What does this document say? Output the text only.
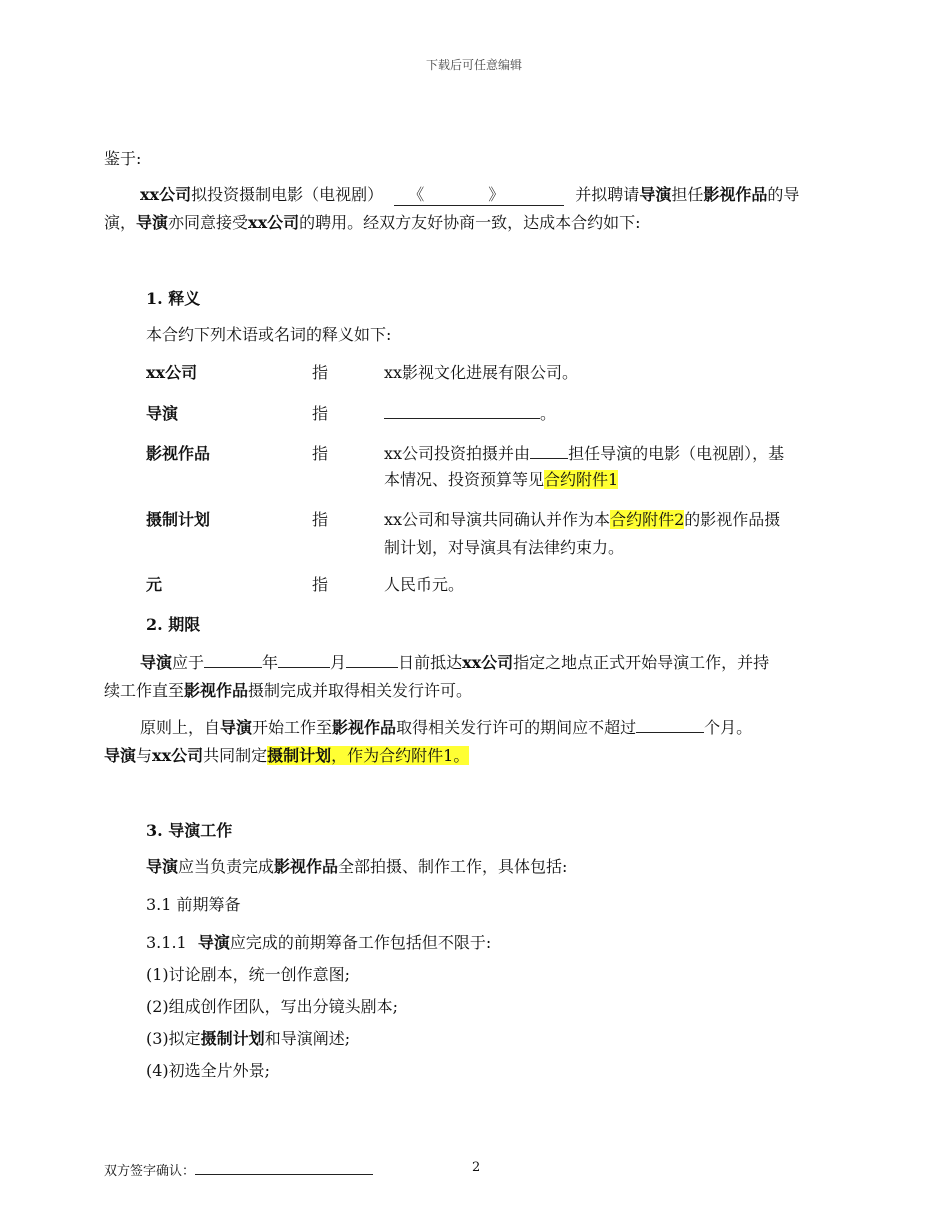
下载后可任意编辑
鉴于:
xx公司拟投资摄制电影（电视剧） 《	》	并拟聘请导演担任影视作品的导
演，导演亦同意接受xx公司的聘用。经双方友好协商一致，达成本合约如下:
1. 释义
本合约下列术语或名词的释义如下:
xx公司	指	xx影视文化进展有限公司。
导演	指	。
影视作品	指	xx公司投资拍摄并由 担任导演的电影（电视剧），基
本情况、投资预算等见合约附件1
摄制计划	指	xx公司和导演共同确认并作为本合约附件2的影视作品摄
制计划，对导演具有法律约束力。
元	指	人民币元。
2. 期限
导演应于	年	月	日前抵达xx公司指定之地点正式开始导演工作，并持
续工作直至影视作品摄制完成并取得相关发行许可。
原则上，自导演开始工作至影视作品取得相关发行许可的期间应不超过	个月。
导演与xx公司共同制定摄制计划，作为合约附件1。
3. 导演工作
导演应当负责完成影视作品全部拍摄、制作工作，具体包括:
3.1 前期筹备
3.1.1 导演应完成的前期筹备工作包括但不限于:
(1)讨论剧本，统一创作意图;
(2)组成创作团队，写出分镜头剧本;
(3)拟定摄制计划和导演阐述;
(4)初选全片外景;
双方签字确认：	2
